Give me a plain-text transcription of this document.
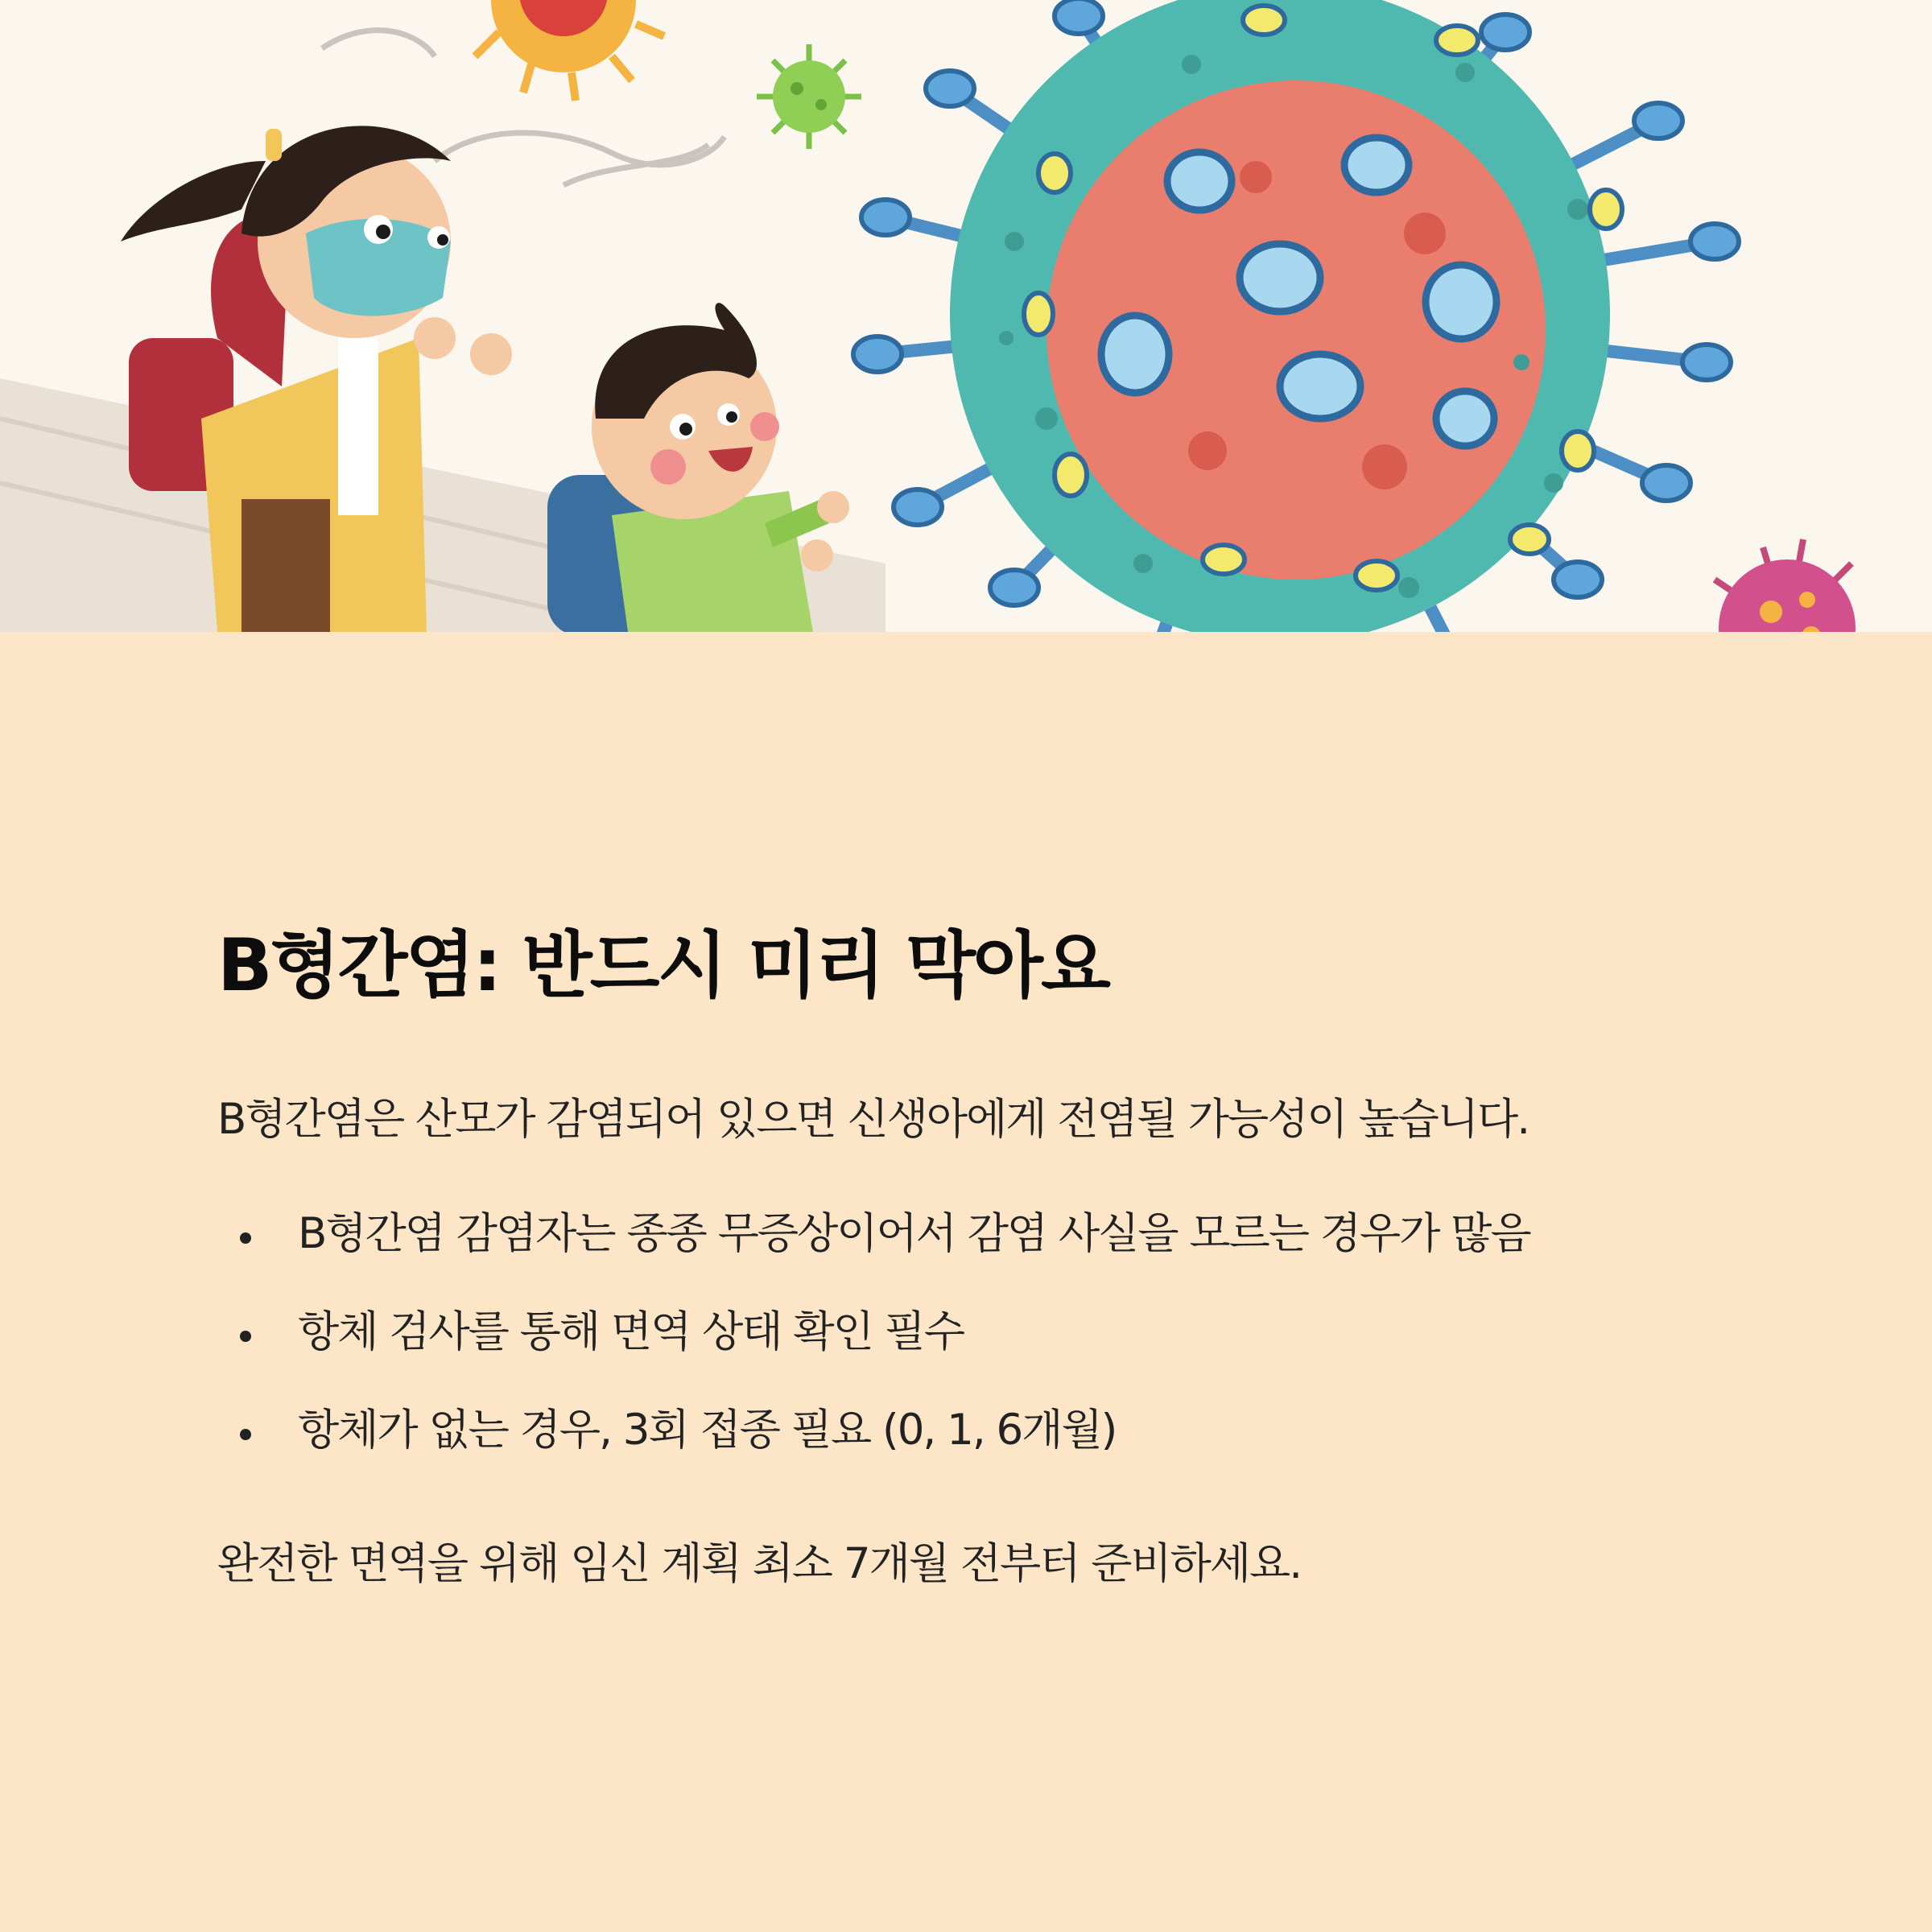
B형간염: 반드시 미리 막아요

B형간염은 산모가 감염되어 있으면 신생아에게 전염될 가능성이 높습니다.

B형간염 감염자는 종종 무증상이어서 감염 사실을 모르는 경우가 많음
항체 검사를 통해 면역 상태 확인 필수
항체가 없는 경우, 3회 접종 필요 (0, 1, 6개월)

완전한 면역을 위해 임신 계획 최소 7개월 전부터 준비하세요.
